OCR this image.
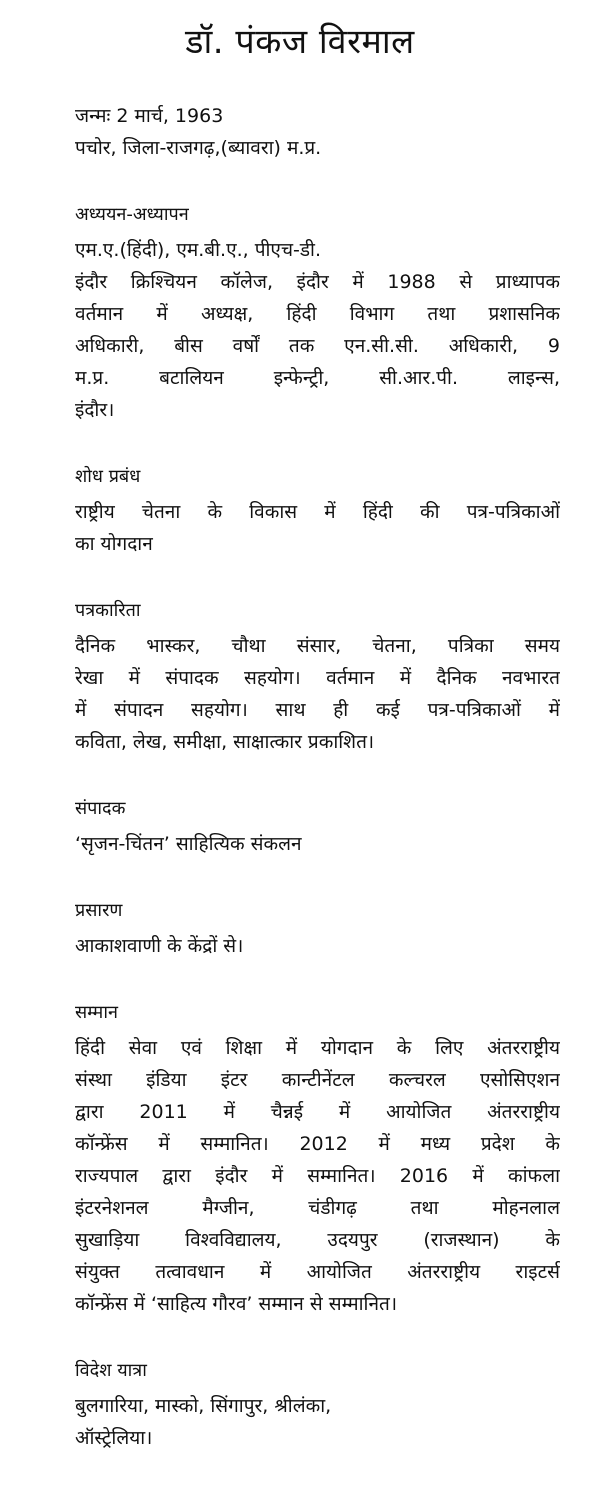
डॉ. पंकज विरमाल

जन्मः 2 मार्च, 1963

पचोर, जिला-राजगढ़,(ब्यावरा) म.प्र.

अध्ययन-अध्यापन

एम.ए.(हिंदी), एम.बी.ए., पीएच-डी.

इंदौर क्रिश्चियन कॉलेज, इंदौर में 1988 से प्राध्यापक

वर्तमान में अध्यक्ष, हिंदी विभाग तथा प्रशासनिक

अधिकारी, बीस वर्षों तक एन.सी.सी. अधिकारी, 9

म.प्र. बटालियन इन्फेन्ट्री, सी.आर.पी. लाइन्स,

इंदौर।

शोध प्रबंध

राष्ट्रीय चेतना के विकास में हिंदी की पत्र-पत्रिकाओं

का योगदान

पत्रकारिता

दैनिक भास्कर, चौथा संसार, चेतना, पत्रिका समय

रेखा में संपादक सहयोग। वर्तमान में दैनिक नवभारत

में संपादन सहयोग। साथ ही कई पत्र-पत्रिकाओं में

कविता, लेख, समीक्षा, साक्षात्कार प्रकाशित।

संपादक

‘सृजन-चिंतन’ साहित्यिक संकलन

प्रसारण

आकाशवाणी के केंद्रों से।

सम्मान

हिंदी सेवा एवं शिक्षा में योगदान के लिए अंतरराष्ट्रीय

संस्था इंडिया इंटर कान्टीनेंटल कल्चरल एसोसिएशन

द्वारा 2011 में चैन्नई में आयोजित अंतरराष्ट्रीय

कॉन्फ्रेंस में सम्मानित। 2012 में मध्य प्रदेश के

राज्यपाल द्वारा इंदौर में सम्मानित। 2016 में कांफला

इंटरनेशनल मैग्जीन, चंडीगढ़ तथा मोहनलाल

सुखाड़िया विश्वविद्यालय, उदयपुर (राजस्थान) के

संयुक्त तत्वावधान में आयोजित अंतरराष्ट्रीय राइटर्स

कॉन्फ्रेंस में ‘साहित्य गौरव’ सम्मान से सम्मानित।

विदेश यात्रा

बुलगारिया, मास्को, सिंगापुर, श्रीलंका,

ऑस्ट्रेलिया।
